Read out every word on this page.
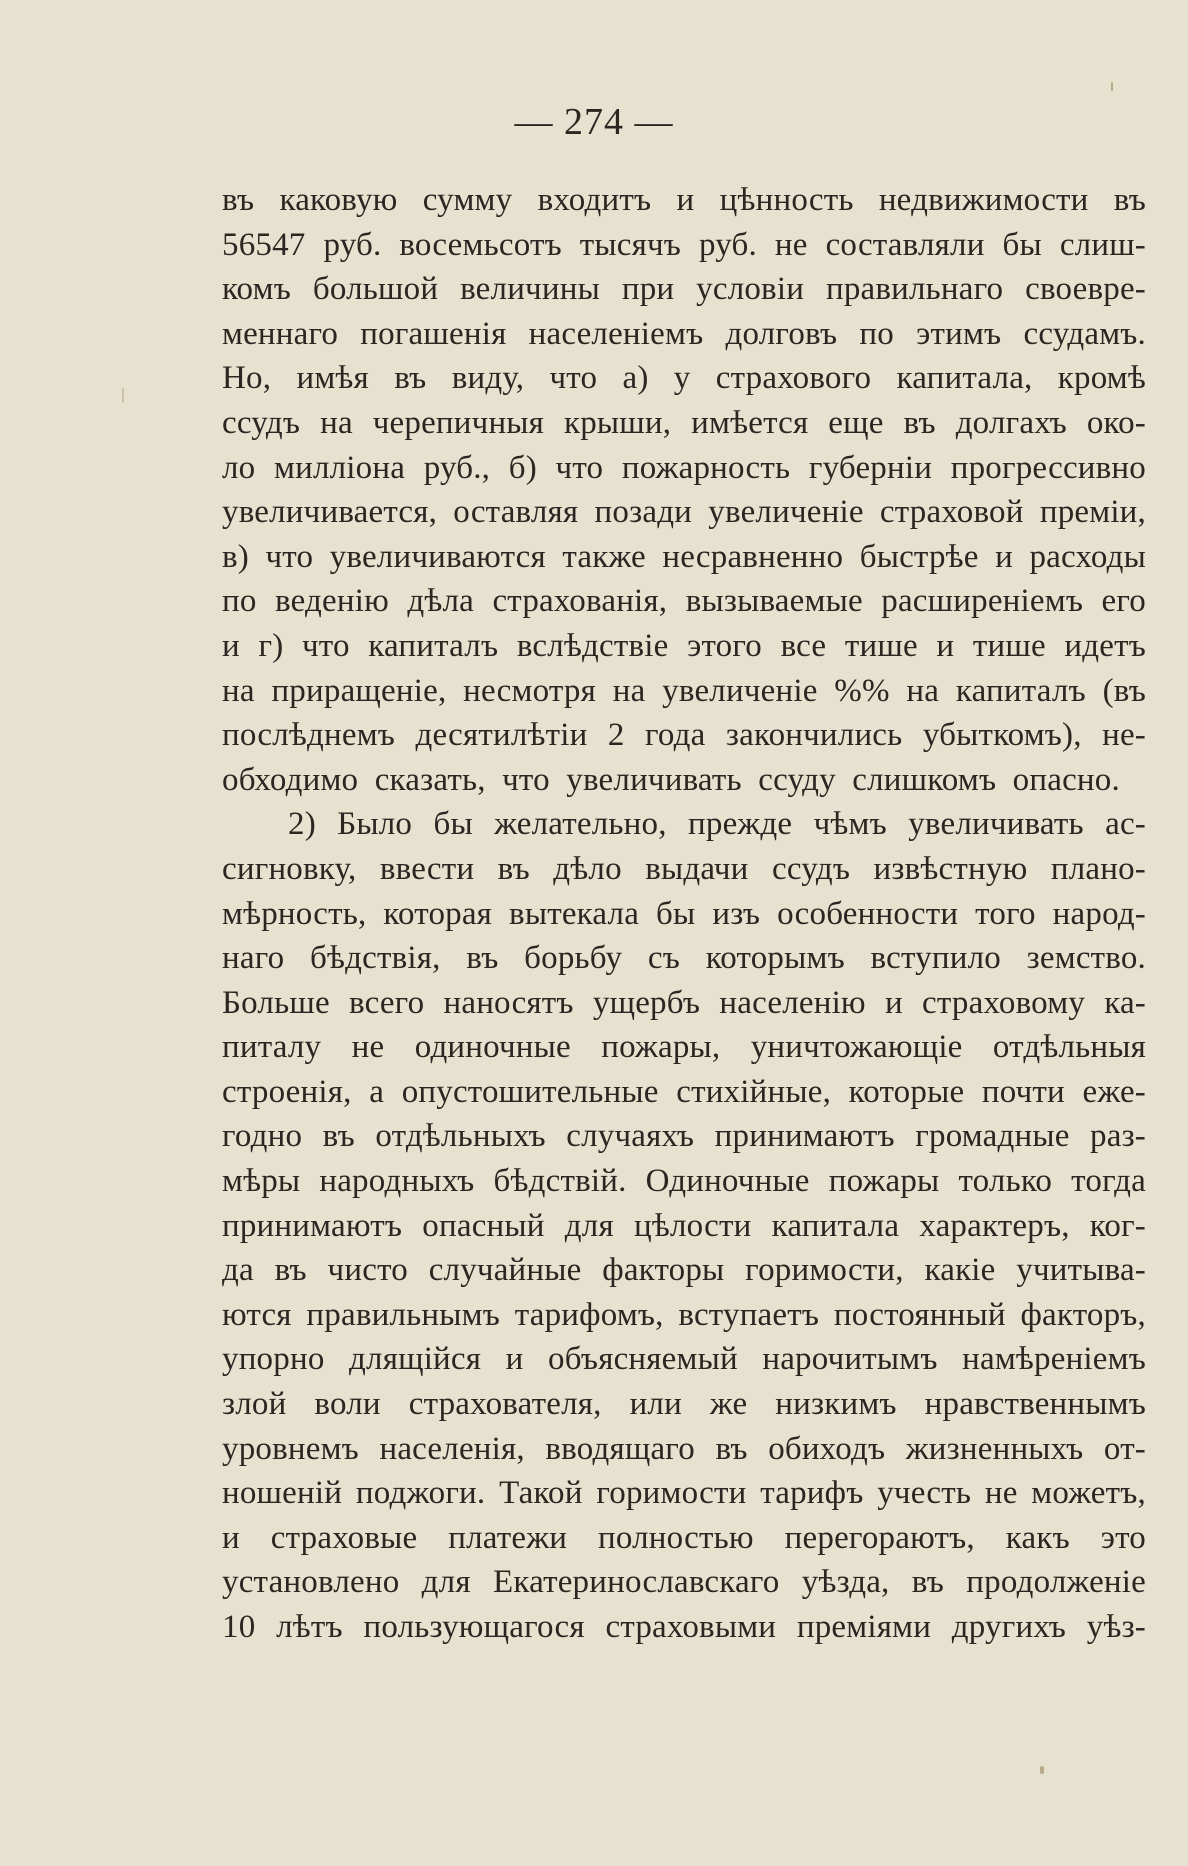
— 274 —
въ каковую сумму входитъ и цѣнность недвижимости въ
56547 руб. восемьсотъ тысячъ руб. не составляли бы слиш-
комъ большой величины при условіи правильнаго своевре-
меннаго погашенія населеніемъ долговъ по этимъ ссудамъ.
Но, имѣя въ виду, что а) у страхового капитала, кромѣ
ссудъ на черепичныя крыши, имѣется еще въ долгахъ око-
ло милліона руб., б) что пожарность губерніи прогрессивно
увеличивается, оставляя позади увеличеніе страховой преміи,
в) что увеличиваются также несравненно быстрѣе и расходы
по веденію дѣла страхованія, вызываемые расширеніемъ его
и г) что капиталъ вслѣдствіе этого все тише и тише идетъ
на приращеніе, несмотря на увеличеніе %% на капиталъ (въ
послѣднемъ десятилѣтіи 2 года закончились убыткомъ), не-
обходимо сказать, что увеличивать ссуду слишкомъ опасно.
2) Было бы желательно, прежде чѣмъ увеличивать ас-
сигновку, ввести въ дѣло выдачи ссудъ извѣстную плано-
мѣрность, которая вытекала бы изъ особенности того народ-
наго бѣдствія, въ борьбу съ которымъ вступило земство.
Больше всего наносятъ ущербъ населенію и страховому ка-
питалу не одиночные пожары, уничтожающіе отдѣльныя
строенія, а опустошительные стихійные, которые почти еже-
годно въ отдѣльныхъ случаяхъ принимаютъ громадные раз-
мѣры народныхъ бѣдствій. Одиночные пожары только тогда
принимаютъ опасный для цѣлости капитала характеръ, ког-
да въ чисто случайные факторы горимости, какіе учитыва-
ются правильнымъ тарифомъ, вступаетъ постоянный факторъ,
упорно длящійся и объясняемый нарочитымъ намѣреніемъ
злой воли страхователя, или же низкимъ нравственнымъ
уровнемъ населенія, вводящаго въ обиходъ жизненныхъ от-
ношеній поджоги. Такой горимости тарифъ учесть не можетъ,
и страховые платежи полностью перегораютъ, какъ это
установлено для Екатеринославскаго уѣзда, въ продолженіе
10 лѣтъ пользующагося страховыми преміями другихъ уѣз-
